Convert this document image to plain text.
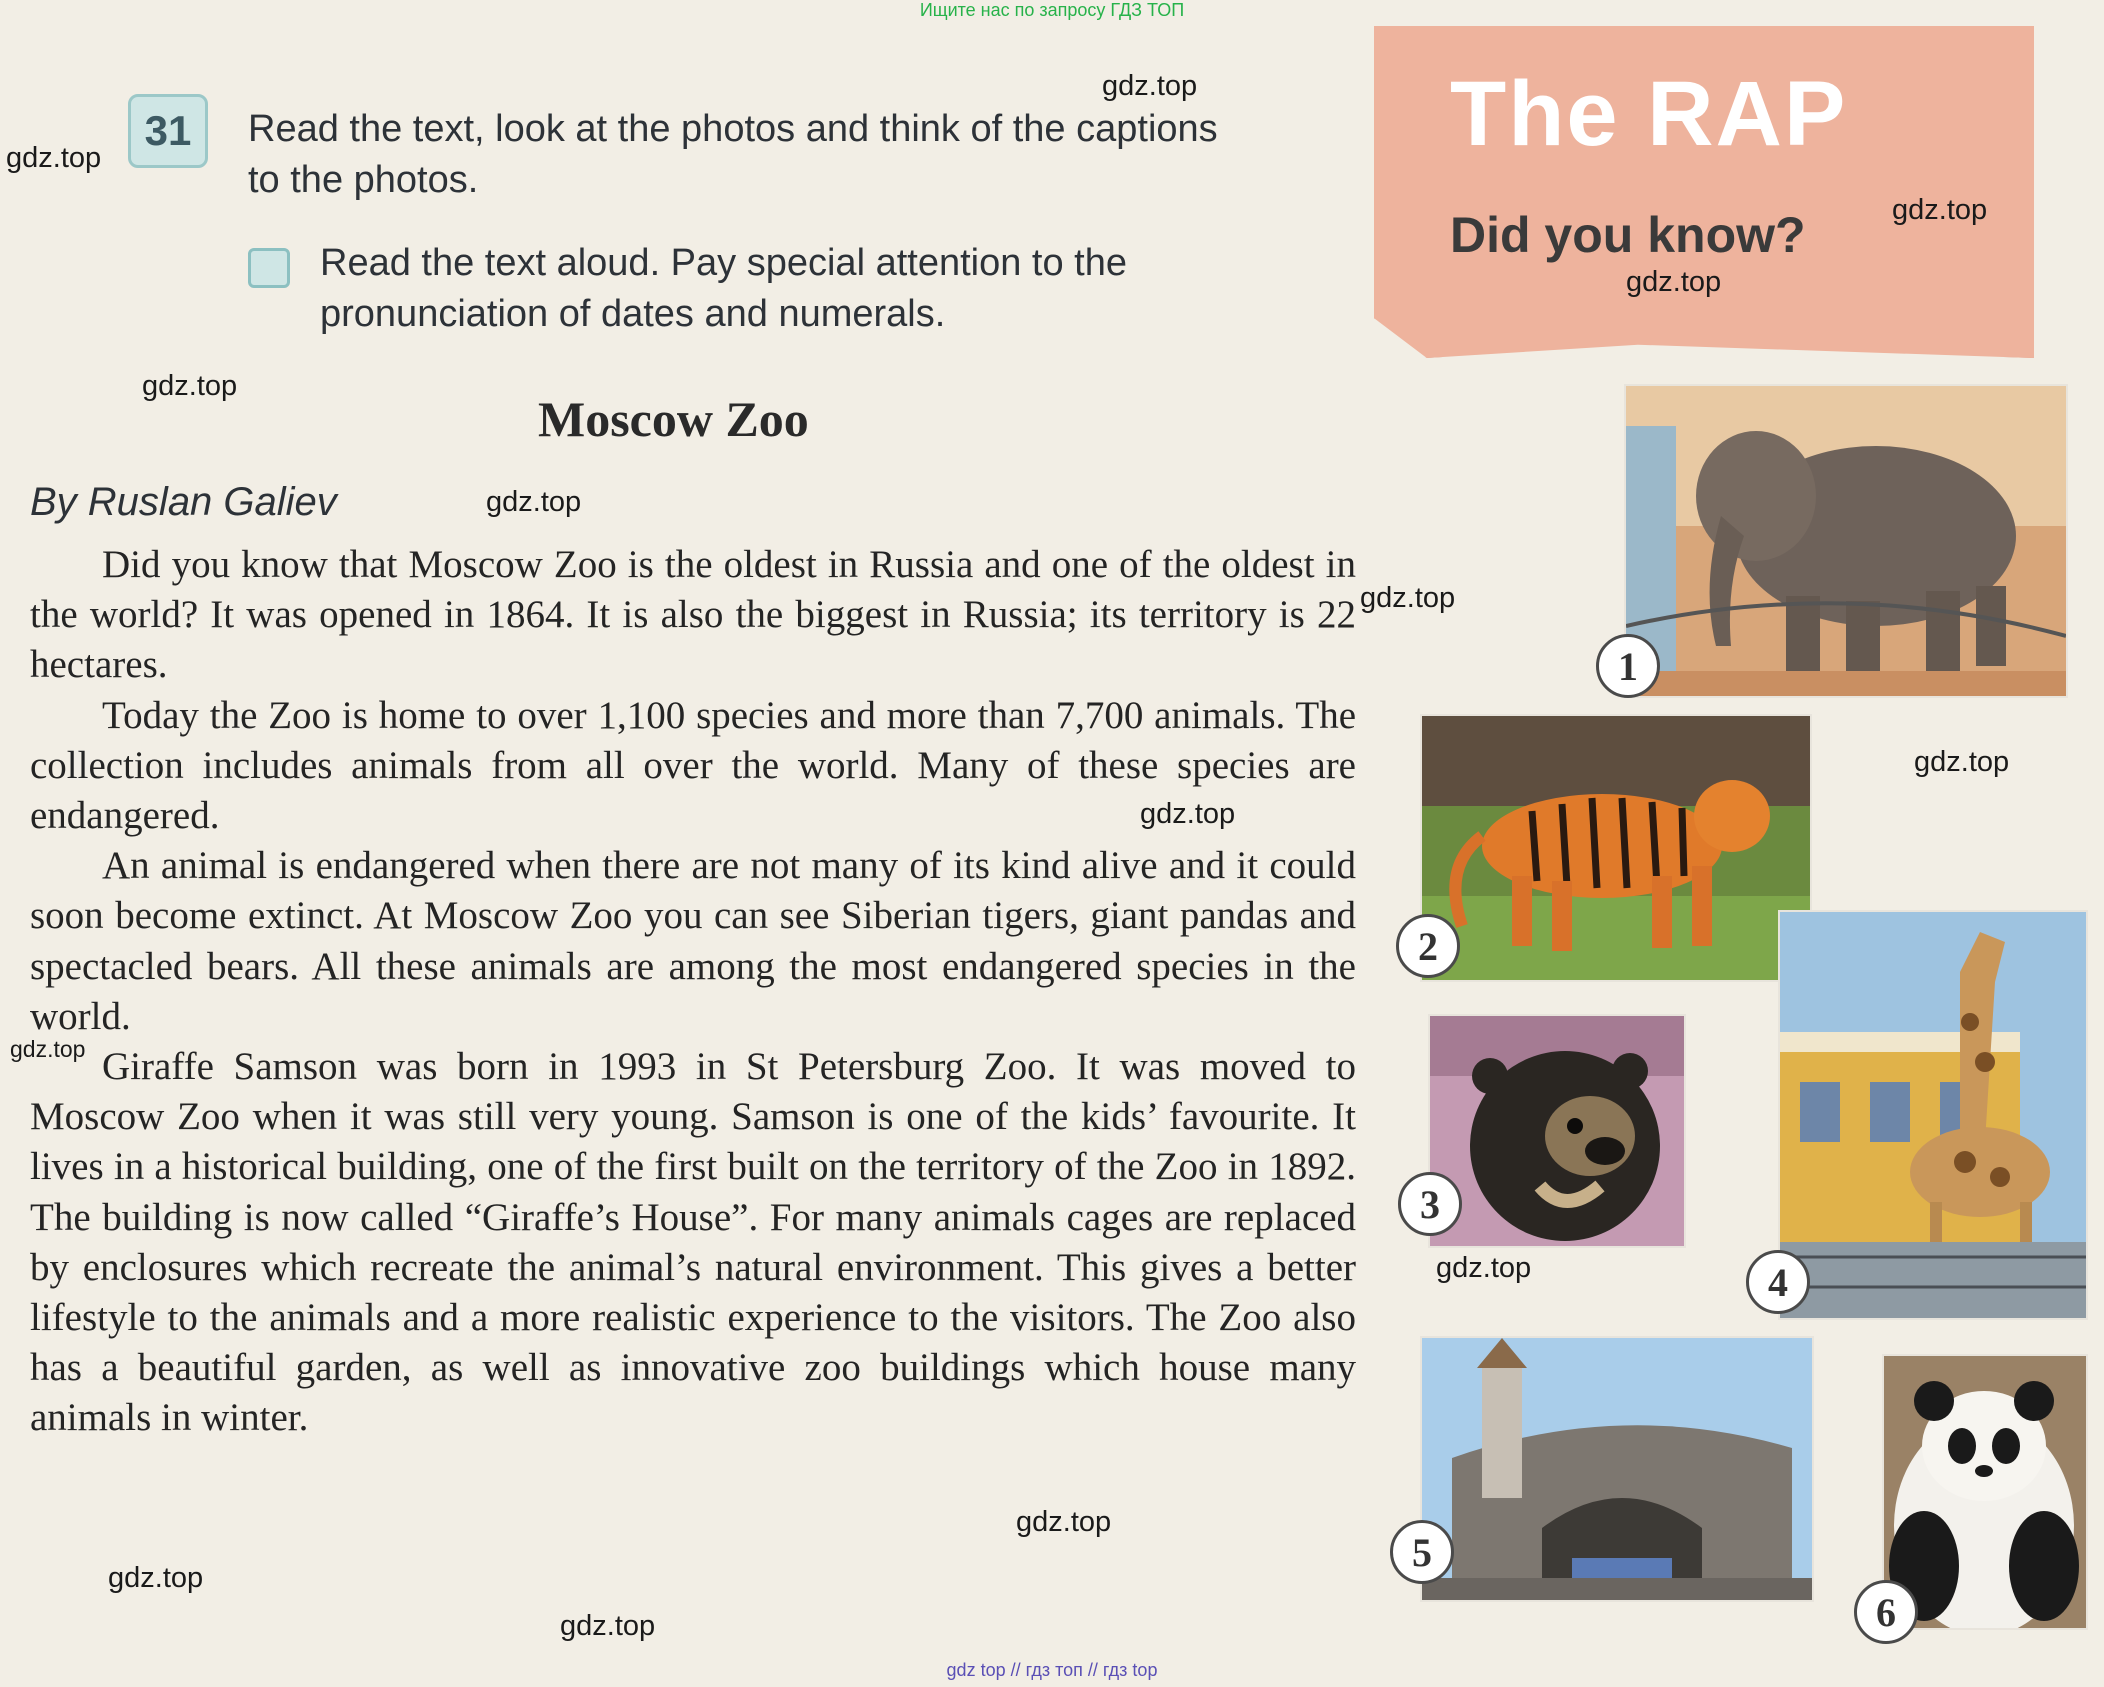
Ищите нас по запросу ГДЗ ТОП
31	Read the text, look at the photos and think of the captions
to the photos.
Read the text aloud. Pay special attention to the
pronunciation of dates and numerals.
Moscow Zoo
By Ruslan Galiev

Did you know that Moscow Zoo is the oldest in Russia and one of the oldest in the world? It was opened in 1864. It is also the biggest in Russia; its territory is 22 hectares.

Today the Zoo is home to over 1,100 species and more than 7,700 animals. The collection includes animals from all over the world. Many of these species are endangered.

An animal is endangered when there are not many of its kind alive and it could soon become extinct. At Moscow Zoo you can see Siberian tigers, giant pandas and spectacled bears. All these animals are among the most endangered species in the world.

Giraffe Samson was born in 1993 in St Petersburg Zoo. It was moved to Moscow Zoo when it was still very young. Samson is one of the kids’ favourite. It lives in a historical building, one of the first built on the territory of the Zoo in 1892. The building is now called “Giraffe’s House”. For many animals cages are replaced by enclosures which recreate the animal’s natural environment. This gives a better lifestyle to the animals and a more realistic experience to the visitors. The Zoo also has a beautiful garden, as well as innovative zoo buildings which house many animals in winter.

The RAP
Did you know?
1
2
4
3
5
6
gdz.top
gdz.top
gdz.top
gdz.top
gdz.top
gdz.top
gdz.top
gdz.top
gdz.top
gdz.top
gdz.top
gdz.top
gdz.top
gdz.top
gdz top // гдз топ // гдз top
